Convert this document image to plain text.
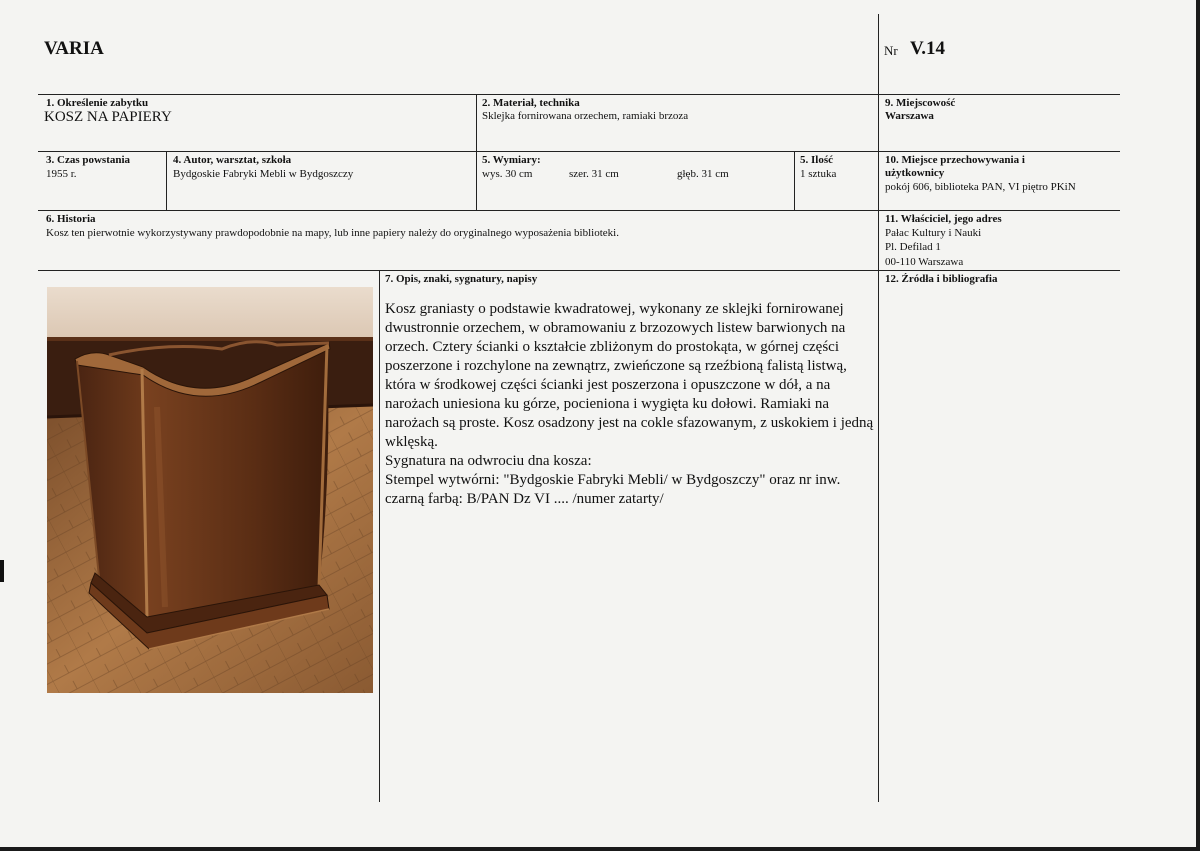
VARIA	Nr V.14
1. Określenie zabytku
KOSZ NA PAPIERY
2. Materiał, technika
Sklejka fornirowana orzechem, ramiaki brzoza
9. Miejscowość
Warszawa
3. Czas powstania
1955 r.
4. Autor, warsztat, szkoła
Bydgoskie Fabryki Mebli w Bydgoszczy
5. Wymiary:
wys. 30 cm	szer. 31 cm	głęb. 31 cm
5. Ilość
1 sztuka
10. Miejsce przechowywania i
użytkownicy
pokój 606, biblioteka PAN, VI piętro PKiN
6. Historia
Kosz ten pierwotnie wykorzystywany prawdopodobnie na mapy, lub inne papiery należy do oryginalnego wyposażenia biblioteki.
11. Właściciel, jego adres
Pałac Kultury i Nauki
Pl. Defilad 1
00-110 Warszawa
7. Opis, znaki, sygnatury, napisy	12. Źródła i bibliografia

Kosz graniasty o podstawie kwadratowej, wykonany ze sklejki fornirowanej dwustronnie orzechem, w obramowaniu z brzozowych listew barwionych na orzech. Cztery ścianki o kształcie zbliżonym do prostokąta, w górnej części poszerzone i rozchylone na zewnątrz, zwieńczone są rzeźbioną falistą listwą, która w środkowej części ścianki jest poszerzona i opuszczone w dół, a na narożach uniesiona ku górze, pocieniona i wygięta ku dołowi. Ramiaki na narożach są proste. Kosz osadzony jest na cokle sfazowanym, z uskokiem i jedną wklęską.

Sygnatura na odwrociu dna kosza:

Stempel wytwórni: "Bydgoskie Fabryki Mebli/ w Bydgoszczy" oraz nr inw. czarną farbą: B/PAN Dz VI .... /numer zatarty/
